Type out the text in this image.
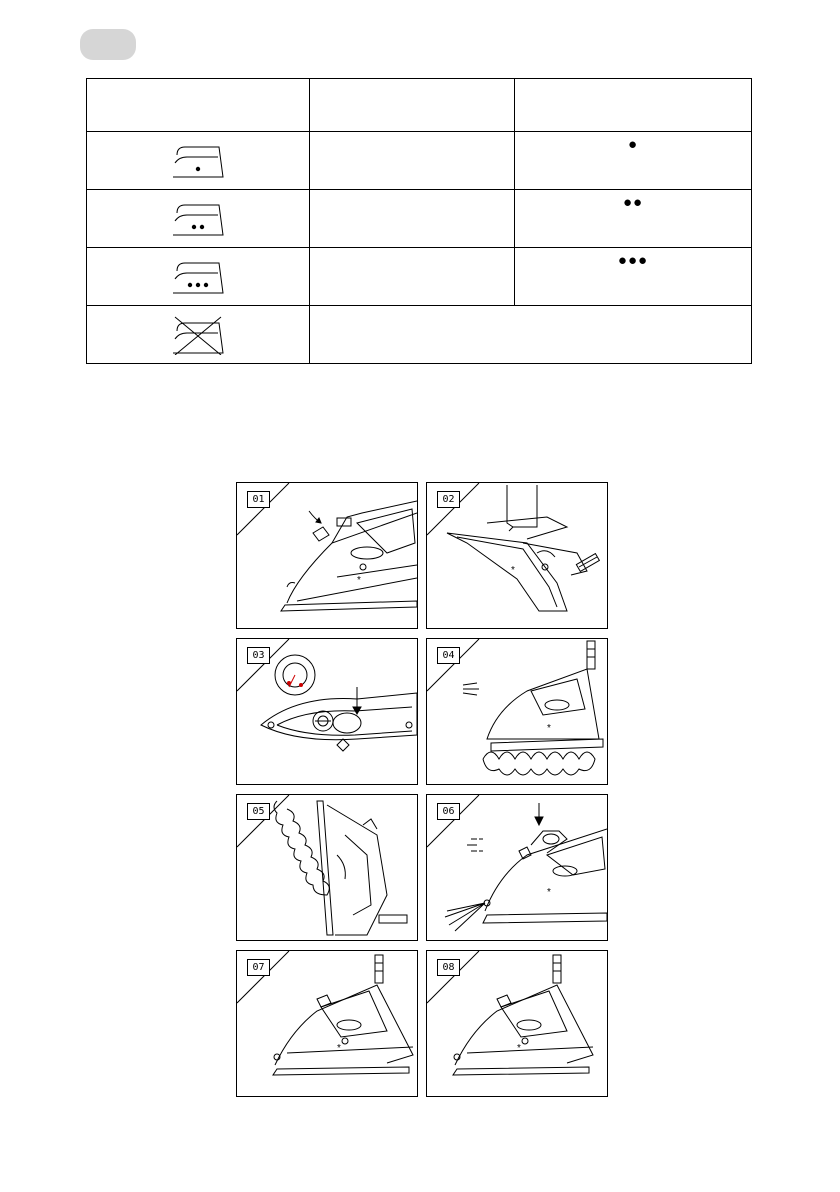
		●

		●●

		●●●

*
01
*
02
03
*
04
05
*
06
*
07
*
08
